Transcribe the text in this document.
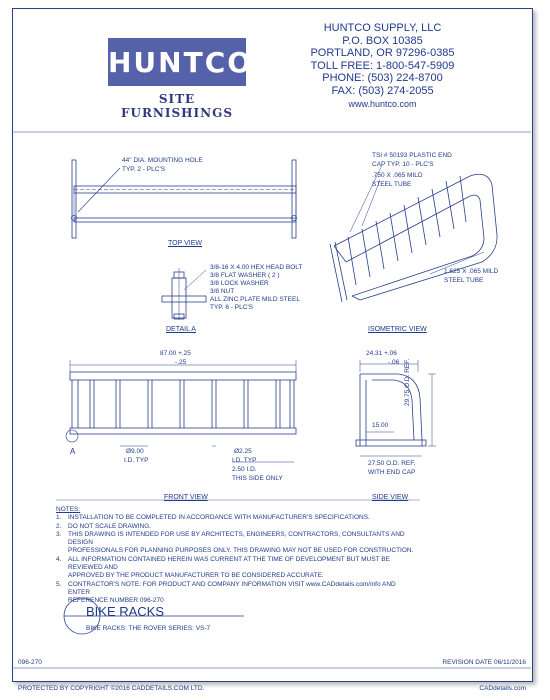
HUNTCO
SITE FURNISHINGS
HUNTCO SUPPLY, LLC
P.O. BOX 10385
PORTLAND, OR 97296-0385
TOLL FREE: 1-800-547-5909
PHONE: (503) 224-8700
FAX: (503) 274-2055
www.huntco.com
44" DIA. MOUNTING HOLE
TYP. 2 - PLC'S
TOP VIEW
TSI # 50193 PLASTIC END
CAP TYP. 10 - PLC'S
.750 X .065 MILD
STEEL TUBE
1.625 X .065 MILD
STEEL TUBE
ISOMETRIC VIEW
3/8-16 X 4.00 HEX HEAD BOLT
3/8 FLAT WASHER ( 2 )
3/8 LOCK WASHER
3/8 NUT
ALL ZINC PLATE MILD STEEL
TYP. 6 - PLC'S
DETAIL A
87.00 +.25
-.25
Ø9.00
I.D. TYP
Ø2.25
I.D. TYP
2.50 I.D.
THIS SIDE ONLY
A
FRONT VIEW
24.31 +.06
-.06 29.75 O.D. REF.
15.00
27.50 O.D. REF.
WITH END CAP
SIDE VIEW
NOTES:
1.	INSTALLATION TO BE COMPLETED IN ACCORDANCE WITH MANUFACTURER'S SPECIFICATIONS.
2.	DO NOT SCALE DRAWING.
3.	THIS DRAWING IS INTENDED FOR USE BY ARCHITECTS, ENGINEERS, CONTRACTORS, CONSULTANTS AND DESIGN
PROFESSIONALS FOR PLANNING PURPOSES ONLY. THIS DRAWING MAY NOT BE USED FOR CONSTRUCTION.
4.	ALL INFORMATION CONTAINED HEREIN WAS CURRENT AT THE TIME OF DEVELOPMENT BUT MUST BE REVIEWED AND
APPROVED BY THE PRODUCT MANUFACTURER TO BE CONSIDERED ACCURATE.
5.	CONTRACTOR'S NOTE: FOR PRODUCT AND COMPANY INFORMATION VISIT www.CADdetails.com/info AND ENTER
REFERENCE NUMBER 096-270
BIKE RACKS
BIKE RACKS: THE ROVER SERIES: VS-7
096-270	REVISION DATE 06/11/2016
PROTECTED BY COPYRIGHT ©2016 CADDETAILS.COM LTD.	CADdetails.com
